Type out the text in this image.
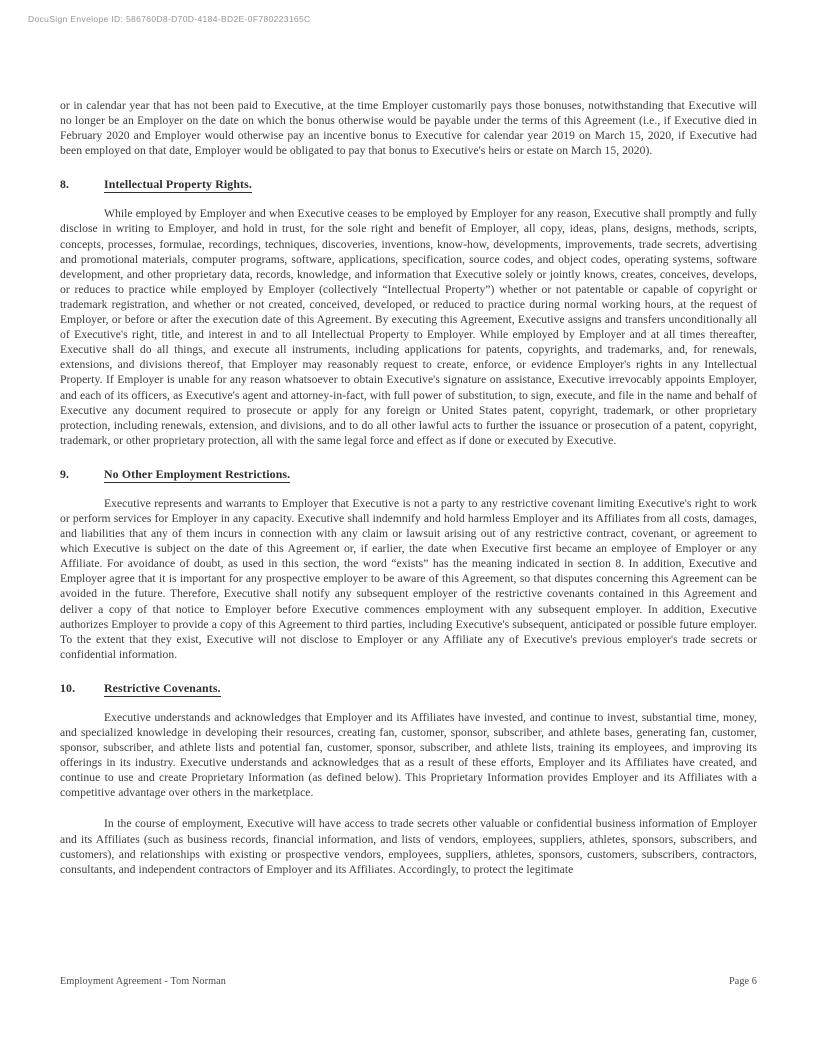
DocuSign Envelope ID: 586760D8-D70D-4184-BD2E-0F780223165C

or in calendar year that has not been paid to Executive, at the time Employer customarily pays those bonuses, notwithstanding that Executive will no longer be an Employer on the date on which the bonus otherwise would be payable under the terms of this Agreement (i.e., if Executive died in February 2020 and Employer would otherwise pay an incentive bonus to Executive for calendar year 2019 on March 15, 2020, if Executive had been employed on that date, Employer would be obligated to pay that bonus to Executive's heirs or estate on March 15, 2020).

8.	Intellectual Property Rights.

While employed by Employer and when Executive ceases to be employed by Employer for any reason, Executive shall promptly and fully disclose in writing to Employer, and hold in trust, for the sole right and benefit of Employer, all copy, ideas, plans, designs, methods, scripts, concepts, processes, formulae, recordings, techniques, discoveries, inventions, know-how, developments, improvements, trade secrets, advertising and promotional materials, computer programs, software, applications, specification, source codes, and object codes, operating systems, software development, and other proprietary data, records, knowledge, and information that Executive solely or jointly knows, creates, conceives, develops, or reduces to practice while employed by Employer (collectively “Intellectual Property”) whether or not patentable or capable of copyright or trademark registration, and whether or not created, conceived, developed, or reduced to practice during normal working hours, at the request of Employer, or before or after the execution date of this Agreement. By executing this Agreement, Executive assigns and transfers unconditionally all of Executive's right, title, and interest in and to all Intellectual Property to Employer. While employed by Employer and at all times thereafter, Executive shall do all things, and execute all instruments, including applications for patents, copyrights, and trademarks, and, for renewals, extensions, and divisions thereof, that Employer may reasonably request to create, enforce, or evidence Employer's rights in any Intellectual Property. If Employer is unable for any reason whatsoever to obtain Executive's signature on assistance, Executive irrevocably appoints Employer, and each of its officers, as Executive's agent and attorney-in-fact, with full power of substitution, to sign, execute, and file in the name and behalf of Executive any document required to prosecute or apply for any foreign or United States patent, copyright, trademark, or other proprietary protection, including renewals, extension, and divisions, and to do all other lawful acts to further the issuance or prosecution of a patent, copyright, trademark, or other proprietary protection, all with the same legal force and effect as if done or executed by Executive.

9.	No Other Employment Restrictions.

Executive represents and warrants to Employer that Executive is not a party to any restrictive covenant limiting Executive's right to work or perform services for Employer in any capacity. Executive shall indemnify and hold harmless Employer and its Affiliates from all costs, damages, and liabilities that any of them incurs in connection with any claim or lawsuit arising out of any restrictive contract, covenant, or agreement to which Executive is subject on the date of this Agreement or, if earlier, the date when Executive first became an employee of Employer or any Affiliate. For avoidance of doubt, as used in this section, the word “exists” has the meaning indicated in section 8. In addition, Executive and Employer agree that it is important for any prospective employer to be aware of this Agreement, so that disputes concerning this Agreement can be avoided in the future. Therefore, Executive shall notify any subsequent employer of the restrictive covenants contained in this Agreement and deliver a copy of that notice to Employer before Executive commences employment with any subsequent employer. In addition, Executive authorizes Employer to provide a copy of this Agreement to third parties, including Executive's subsequent, anticipated or possible future employer. To the extent that they exist, Executive will not disclose to Employer or any Affiliate any of Executive's previous employer's trade secrets or confidential information.

10.	Restrictive Covenants.

Executive understands and acknowledges that Employer and its Affiliates have invested, and continue to invest, substantial time, money, and specialized knowledge in developing their resources, creating fan, customer, sponsor, subscriber, and athlete bases, generating fan, customer, sponsor, subscriber, and athlete lists and potential fan, customer, sponsor, subscriber, and athlete lists, training its employees, and improving its offerings in its industry. Executive understands and acknowledges that as a result of these efforts, Employer and its Affiliates have created, and continue to use and create Proprietary Information (as defined below). This Proprietary Information provides Employer and its Affiliates with a competitive advantage over others in the marketplace.

In the course of employment, Executive will have access to trade secrets other valuable or confidential business information of Employer and its Affiliates (such as business records, financial information, and lists of vendors, employees, suppliers, athletes, sponsors, subscribers, and customers), and relationships with existing or prospective vendors, employees, suppliers, athletes, sponsors, customers, subscribers, contractors, consultants, and independent contractors of Employer and its Affiliates. Accordingly, to protect the legitimate

Employment Agreement - Tom Norman	Page 6
